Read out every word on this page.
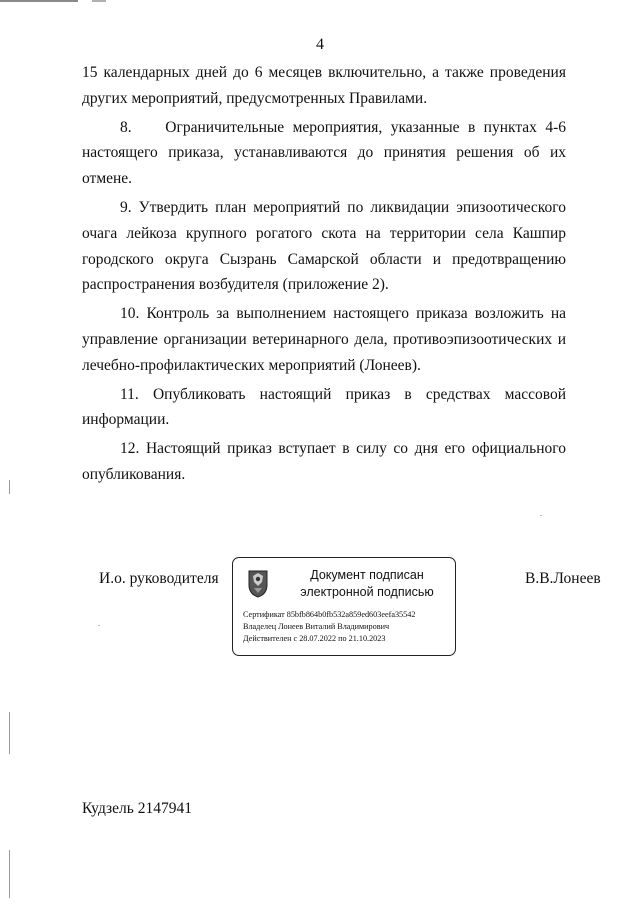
4

15 календарных дней до 6 месяцев включительно, а также проведения других мероприятий, предусмотренных Правилами.

8.    Ограничительные мероприятия, указанные в пунктах 4-6 настоящего приказа, устанавливаются до принятия решения об их отмене.

9. Утвердить план мероприятий по ликвидации эпизоотического очага лейкоза крупного рогатого скота на территории села Кашпир городского округа Сызрань Самарской области и предотвращению распространения возбудителя (приложение 2).

10. Контроль за выполнением настоящего приказа возложить на управление организации ветеринарного дела, противоэпизоотических и лечебно-профилактических мероприятий (Лонеев).

11. Опубликовать настоящий приказ в средствах массовой информации.

12. Настоящий приказ вступает в силу со дня его официального опубликования.

И.о. руководителя	Документ подписан
электронной подписью
Сертификат 85bfb864b0fb532a859ed603eefa35542
Владелец Лонеев Виталий Владимирович
Действителен с 28.07.2022 по 21.10.2023
В.В.Лонеев
Кудзель 2147941
